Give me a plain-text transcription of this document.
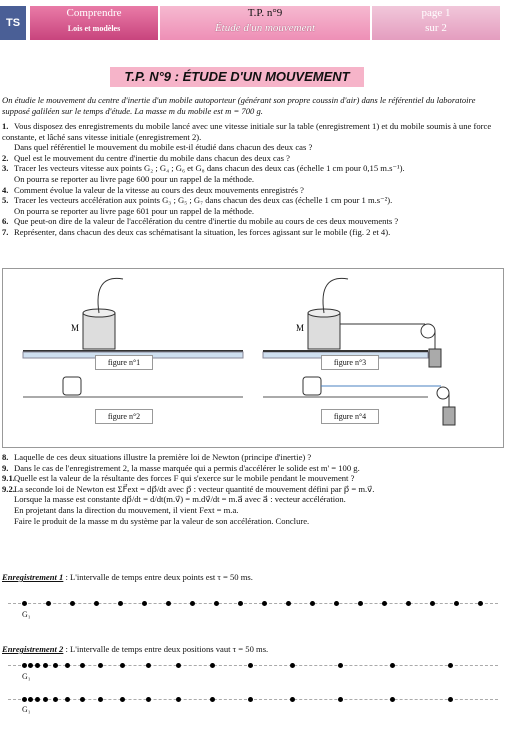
TS
Comprendre
Lois et modèles
T.P. n°9
Étude d'un mouvement
page 1
sur 2
T.P. N°9 : ÉTUDE D'UN MOUVEMENT
On étudie le mouvement du centre d'inertie d'un mobile autoporteur (générant son propre coussin d'air) dans le référentiel du laboratoire supposé galiléen sur le temps d'étude. La masse m du mobile est m = 700 g.
1. Vous disposez des enregistrements du mobile lancé avec une vitesse initiale sur la table (enregistrement 1) et du mobile soumis à une force constante, et lâché sans vitesse initiale (enregistrement 2).
Dans quel référentiel le mouvement du mobile est-il étudié dans chacun des deux cas ?
2. Quel est le mouvement du centre d'inertie du mobile dans chacun des deux cas ?
3. Tracer les vecteurs vitesse aux points G₂ ; G₄ ; G₆ et G₈ dans chacun des deux cas (échelle 1 cm pour 0,15 m.s⁻¹).
On pourra se reporter au livre page 600 pour un rappel de la méthode.
4. Comment évolue la valeur de la vitesse au cours des deux mouvements enregistrés ?
5. Tracer les vecteurs accélération aux points G₃ ; G₅ ; G₇ dans chacun des deux cas (échelle 1 cm pour 1 m.s⁻²).
On pourra se reporter au livre page 601 pour un rappel de la méthode.
6. Que peut-on dire de la valeur de l'accélération du centre d'inertie du mobile au cours de ces deux mouvements ?
7. Représenter, dans chacun des deux cas schématisant la situation, les forces agissant sur le mobile (fig. 2 et 4).
M	M
figure n°1
figure n°2
figure n°3
figure n°4
8. Laquelle de ces deux situations illustre la première loi de Newton (principe d'inertie) ?
9. Dans le cas de l'enregistrement 2, la masse marquée qui a permis d'accélérer le solide est m' = 100 g.
9.1.Quelle est la valeur de la résultante des forces F qui s'exerce sur le mobile pendant le mouvement ?
9.2.La seconde loi de Newton est ΣF⃗ext = dp⃗/dt avec p⃗ : vecteur quantité de mouvement défini par p⃗ = m.v⃗.
Lorsque la masse est constante dp⃗/dt = d/dt(m.v⃗) = m.dv⃗/dt = m.a⃗ avec a⃗ : vecteur accélération.
En projetant dans la direction du mouvement, il vient Fext = m.a.
Faire le produit de la masse m du système par la valeur de son accélération. Conclure.
Enregistrement 1 : L'intervalle de temps entre deux points est τ = 50 ms.
G₁
Enregistrement 2 : L'intervalle de temps entre deux positions vaut τ = 50 ms.
G₁
G₁
